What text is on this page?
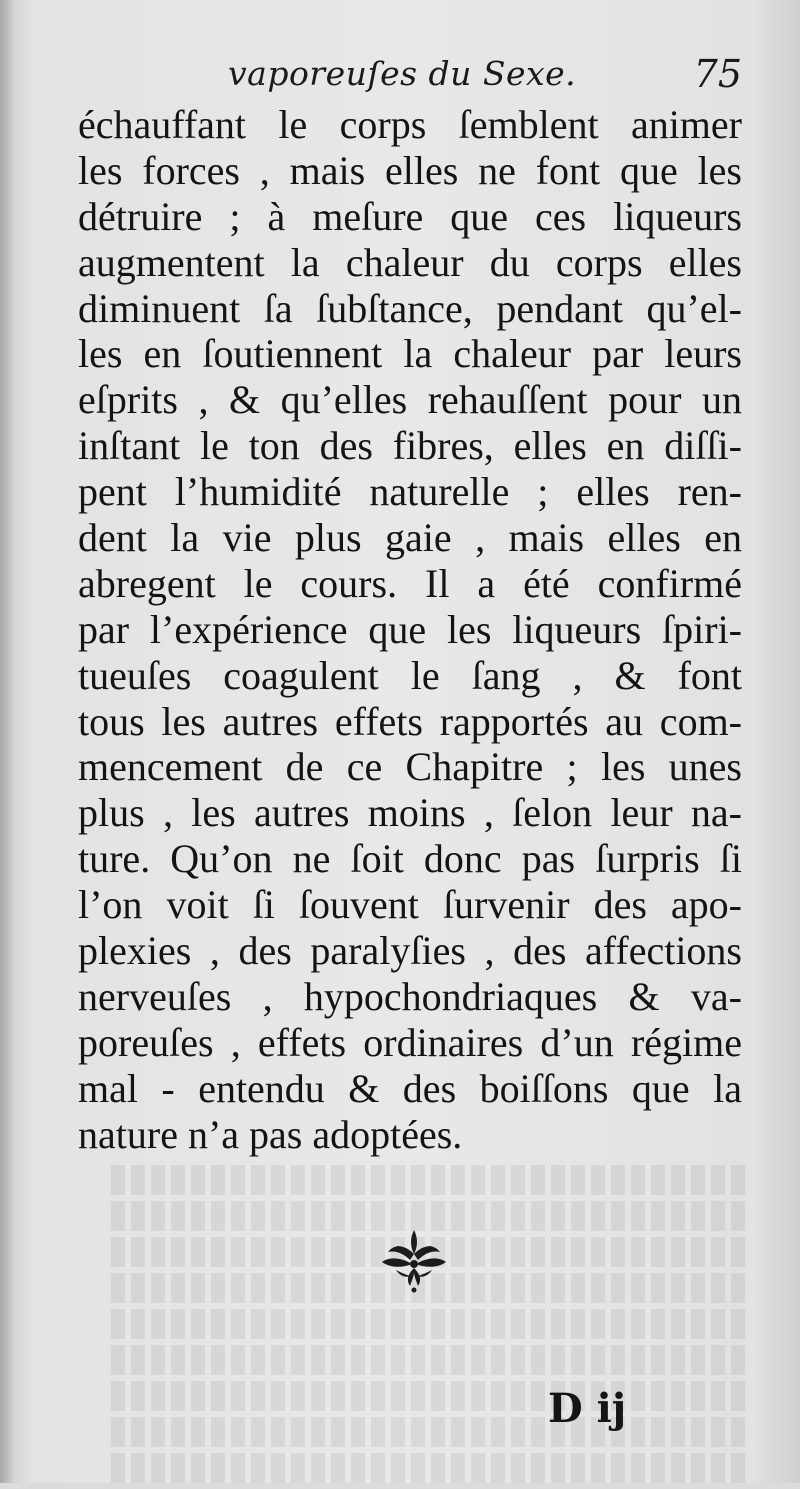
vaporeuſes du Sexe.	75
échauffant le corps ſemblent animer
les forces , mais elles ne font que les
détruire ; à meſure que ces liqueurs
augmentent la chaleur du corps elles
diminuent ſa ſubſtance, pendant qu’el-
les en ſoutiennent la chaleur par leurs
eſprits , & qu’elles rehauſſent pour un
inſtant le ton des fibres, elles en diſſi-
pent l’humidité naturelle ; elles ren-
dent la vie plus gaie , mais elles en
abregent le cours. Il a été confirmé
par l’expérience que les liqueurs ſpiri-
tueuſes coagulent le ſang , & font
tous les autres effets rapportés au com-
mencement de ce Chapitre ; les unes
plus , les autres moins , ſelon leur na-
ture. Qu’on ne ſoit donc pas ſurpris ſi
l’on voit ſi ſouvent ſurvenir des apo-
plexies , des paralyſies , des affections
nerveuſes , hypochondriaques & va-
poreuſes , effets ordinaires d’un régime
mal - entendu & des boiſſons que la
nature n’a pas adoptées.
D ij
